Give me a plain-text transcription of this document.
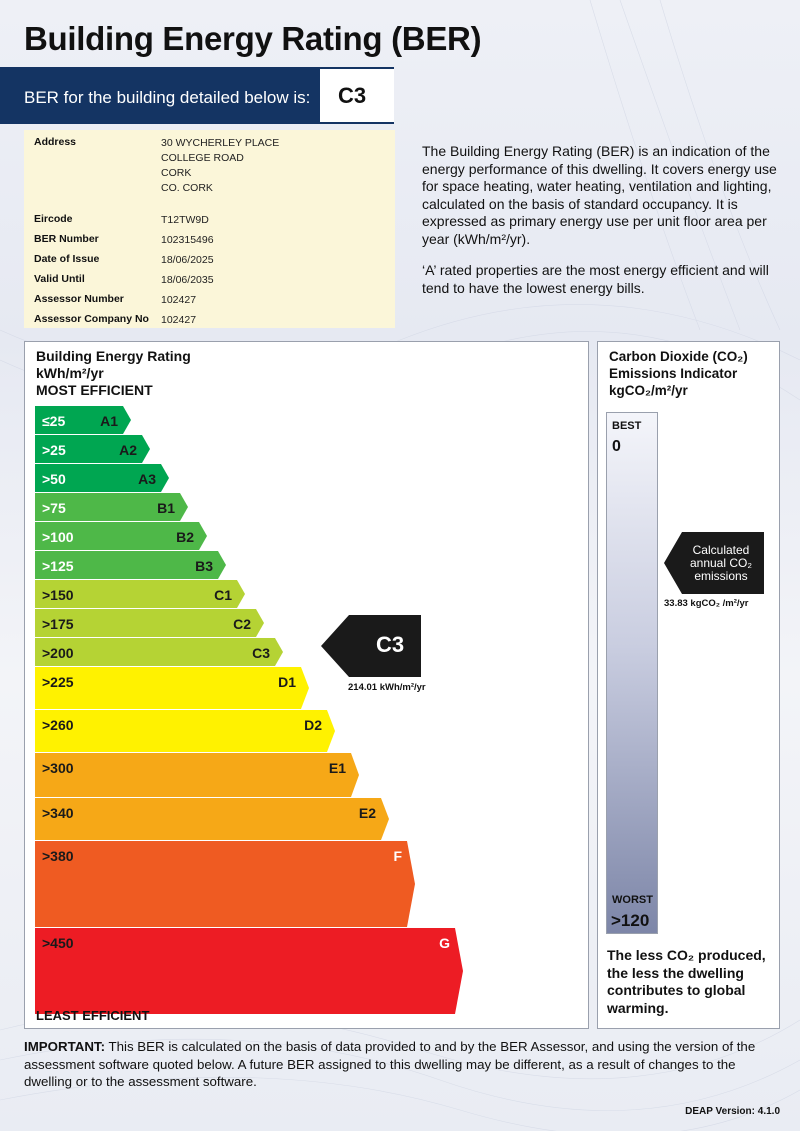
Building Energy Rating (BER)
BER for the building detailed below is:	C3
Address	30 WYCHERLEY PLACE
COLLEGE ROAD
CORK
CO. CORK
Eircode	T12TW9D
BER Number	102315496
Date of Issue	18/06/2025
Valid Until	18/06/2035
Assessor Number	102427
Assessor Company No	102427
The Building Energy Rating (BER) is an indication of the energy performance of this dwelling. It covers energy use for space heating, water heating, ventilation and lighting, calculated on the basis of standard occupancy. It is expressed as primary energy use per unit floor area per year (kWh/m²/yr).
‘A’ rated properties are the most energy efficient and will tend to have the lowest energy bills.
Building Energy Rating
kWh/m²/yr
MOST EFFICIENT
≤25 A1
>25	A2
>50	A3
>75	B1
>100	B2
>125	B3
>150	C1
>175	C2
>200	C3
>225	D1
>260	D2
>300	E1
>340	E2
>380	F
>450	G
C3
214.01 kWh/m²/yr
LEAST EFFICIENT
Carbon Dioxide (CO₂)
Emissions Indicator
kgCO₂/m²/yr
BEST
0
WORST
>120
Calculated annual CO₂ emissions
33.83 kgCO₂ /m²/yr
The less CO₂ produced, the less the dwelling contributes to global warming.
IMPORTANT: This BER is calculated on the basis of data provided to and by the BER Assessor, and using the version of the assessment software quoted below. A future BER assigned to this dwelling may be different, as a result of changes to the dwelling or to the assessment software.
DEAP Version: 4.1.0
